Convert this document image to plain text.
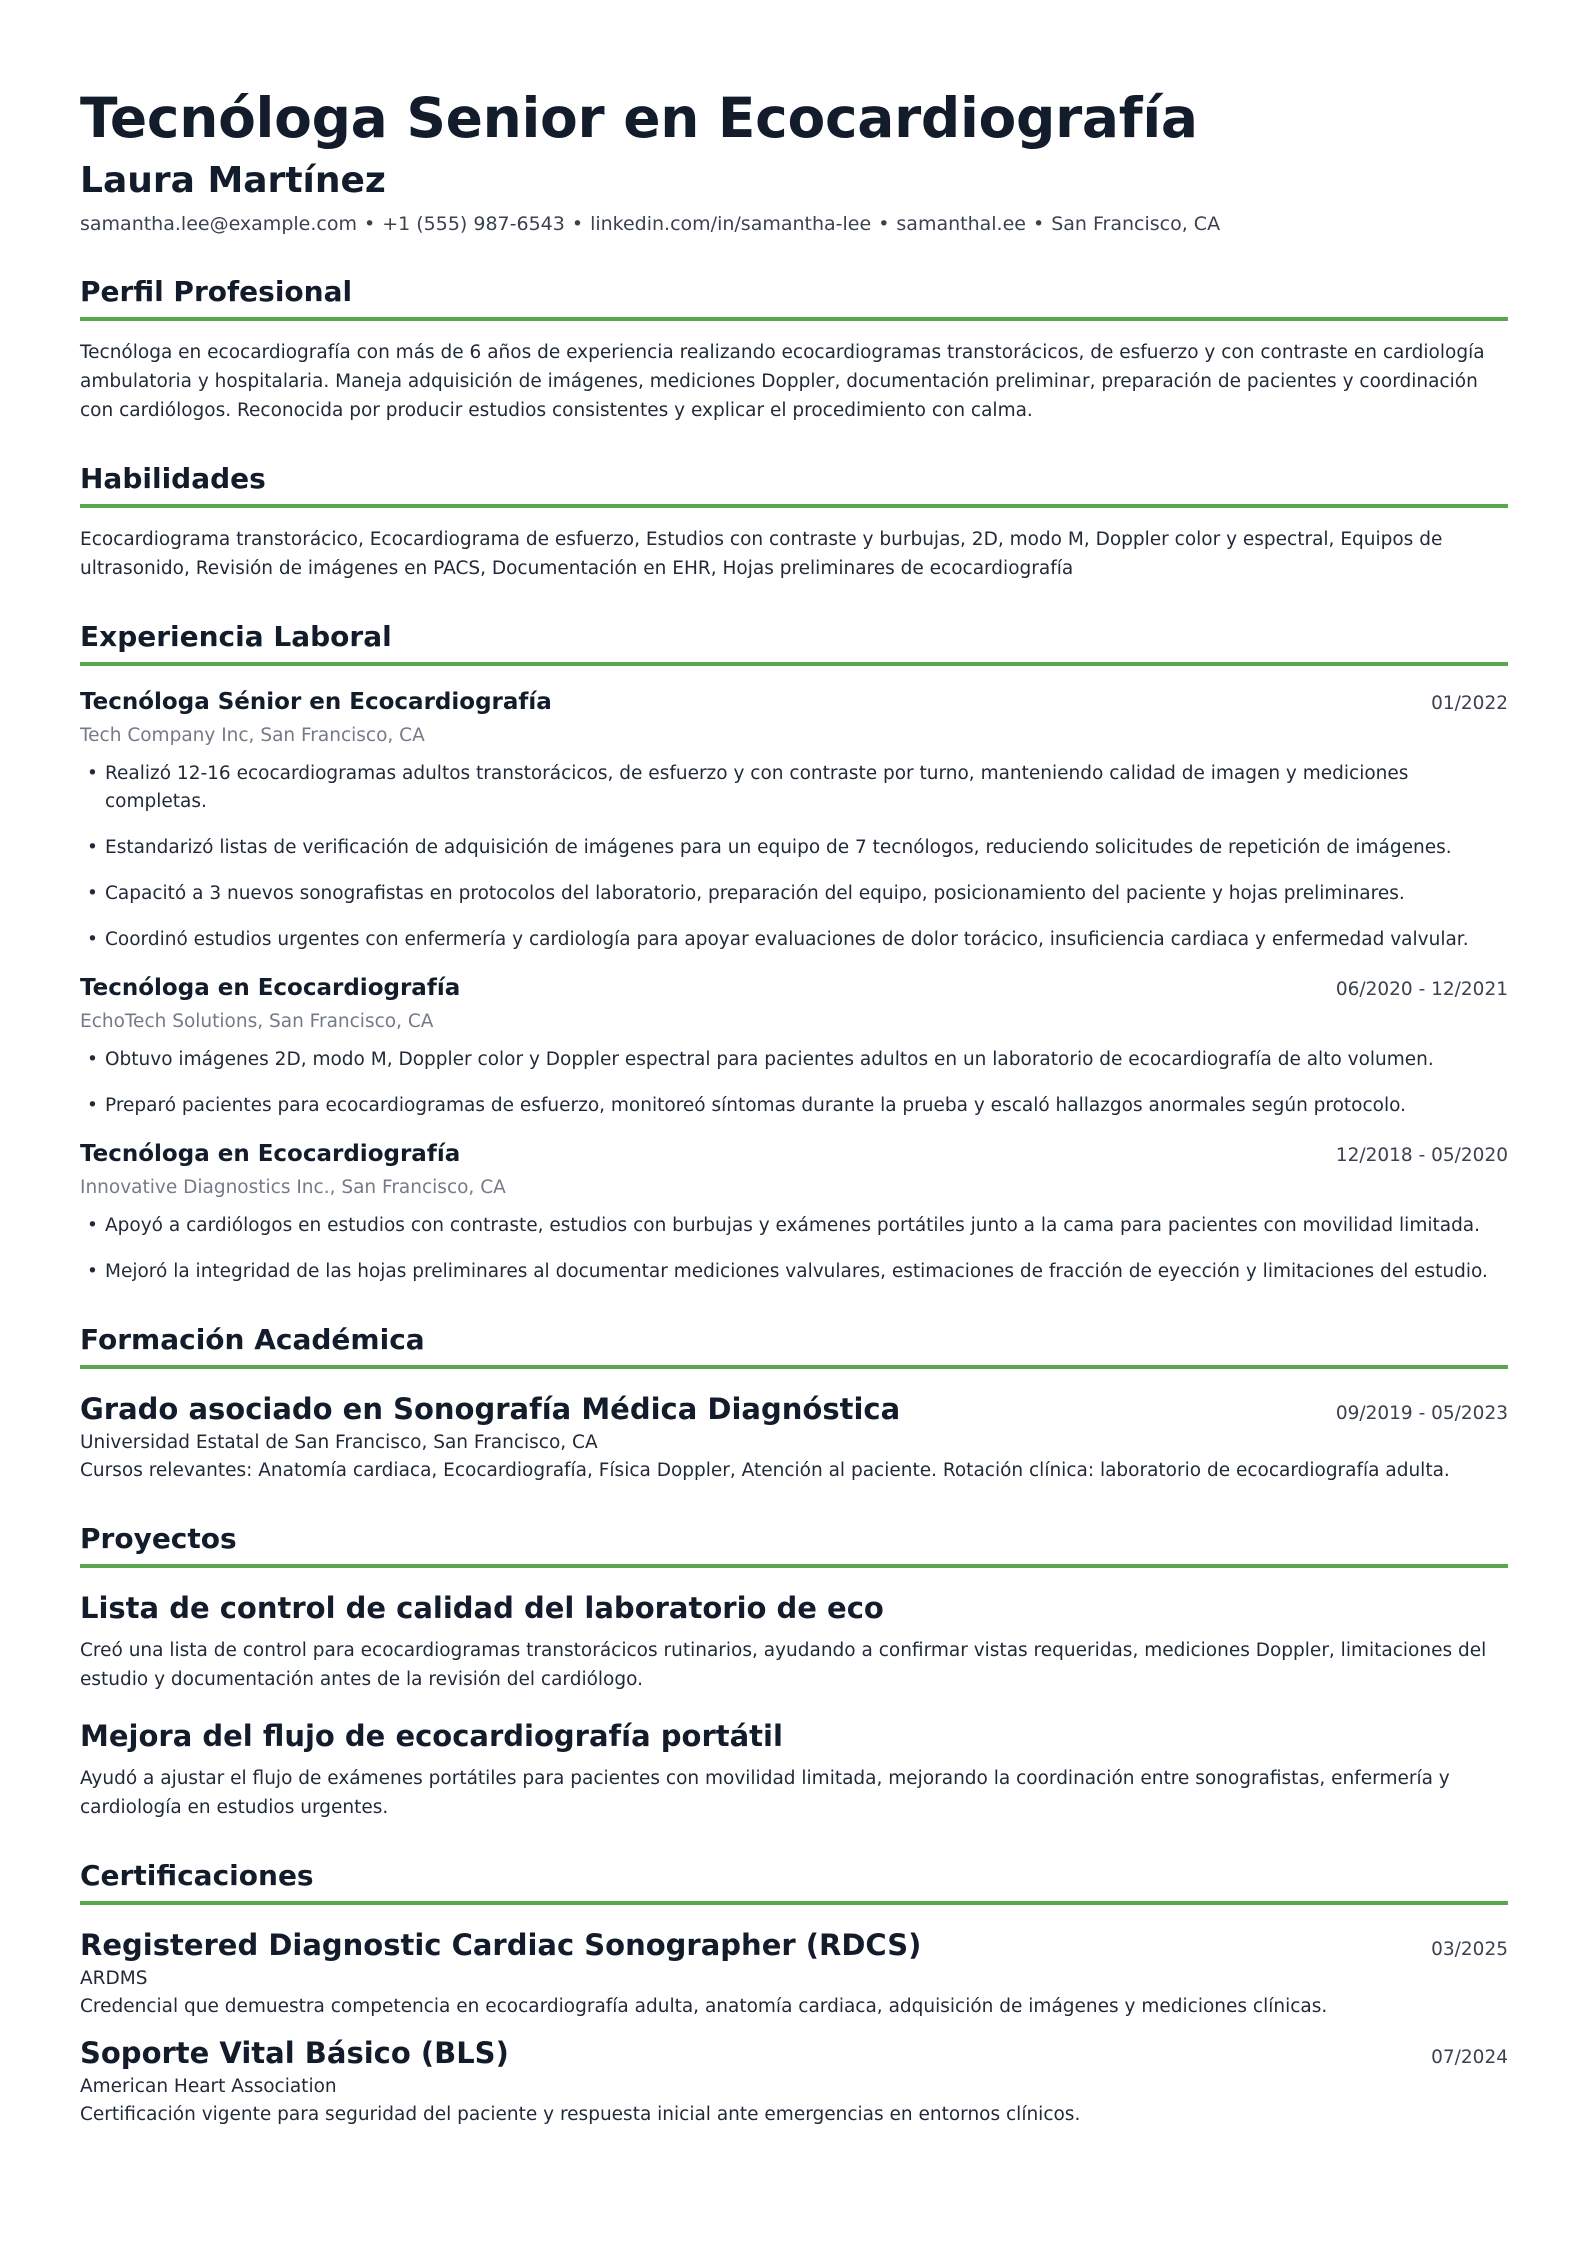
Tecnóloga Senior en Ecocardiografía
Laura Martínez
samantha.lee@example.com • +1 (555) 987-6543 • linkedin.com/in/samantha-lee • samanthal.ee • San Francisco, CA
Perfil Profesional
Tecnóloga en ecocardiografía con más de 6 años de experiencia realizando ecocardiogramas transtorácicos, de esfuerzo y con contraste en cardiología ambulatoria y hospitalaria. Maneja adquisición de imágenes, mediciones Doppler, documentación preliminar, preparación de pacientes y coordinación con cardiólogos. Reconocida por producir estudios consistentes y explicar el procedimiento con calma.
Habilidades
Ecocardiograma transtorácico, Ecocardiograma de esfuerzo, Estudios con contraste y burbujas, 2D, modo M, Doppler color y espectral, Equipos de ultrasonido, Revisión de imágenes en PACS, Documentación en EHR, Hojas preliminares de ecocardiografía
Experiencia Laboral
Tecnóloga Sénior en Ecocardiografía	01/2022
Tech Company Inc, San Francisco, CA
• Realizó 12-16 ecocardiogramas adultos transtorácicos, de esfuerzo y con contraste por turno, manteniendo calidad de imagen y mediciones completas.
• Estandarizó listas de verificación de adquisición de imágenes para un equipo de 7 tecnólogos, reduciendo solicitudes de repetición de imágenes.
• Capacitó a 3 nuevos sonografistas en protocolos del laboratorio, preparación del equipo, posicionamiento del paciente y hojas preliminares.
• Coordinó estudios urgentes con enfermería y cardiología para apoyar evaluaciones de dolor torácico, insuficiencia cardiaca y enfermedad valvular.
Tecnóloga en Ecocardiografía	06/2020 - 12/2021
EchoTech Solutions, San Francisco, CA
• Obtuvo imágenes 2D, modo M, Doppler color y Doppler espectral para pacientes adultos en un laboratorio de ecocardiografía de alto volumen.
• Preparó pacientes para ecocardiogramas de esfuerzo, monitoreó síntomas durante la prueba y escaló hallazgos anormales según protocolo.
Tecnóloga en Ecocardiografía	12/2018 - 05/2020
Innovative Diagnostics Inc., San Francisco, CA
• Apoyó a cardiólogos en estudios con contraste, estudios con burbujas y exámenes portátiles junto a la cama para pacientes con movilidad limitada.
• Mejoró la integridad de las hojas preliminares al documentar mediciones valvulares, estimaciones de fracción de eyección y limitaciones del estudio.
Formación Académica
Grado asociado en Sonografía Médica Diagnóstica	09/2019 - 05/2023
Universidad Estatal de San Francisco, San Francisco, CA
Cursos relevantes: Anatomía cardiaca, Ecocardiografía, Física Doppler, Atención al paciente. Rotación clínica: laboratorio de ecocardiografía adulta.
Proyectos
Lista de control de calidad del laboratorio de eco
Creó una lista de control para ecocardiogramas transtorácicos rutinarios, ayudando a confirmar vistas requeridas, mediciones Doppler, limitaciones del estudio y documentación antes de la revisión del cardiólogo.
Mejora del flujo de ecocardiografía portátil
Ayudó a ajustar el flujo de exámenes portátiles para pacientes con movilidad limitada, mejorando la coordinación entre sonografistas, enfermería y cardiología en estudios urgentes.
Certificaciones
Registered Diagnostic Cardiac Sonographer (RDCS)	03/2025
ARDMS
Credencial que demuestra competencia en ecocardiografía adulta, anatomía cardiaca, adquisición de imágenes y mediciones clínicas.
Soporte Vital Básico (BLS)	07/2024
American Heart Association
Certificación vigente para seguridad del paciente y respuesta inicial ante emergencias en entornos clínicos.
